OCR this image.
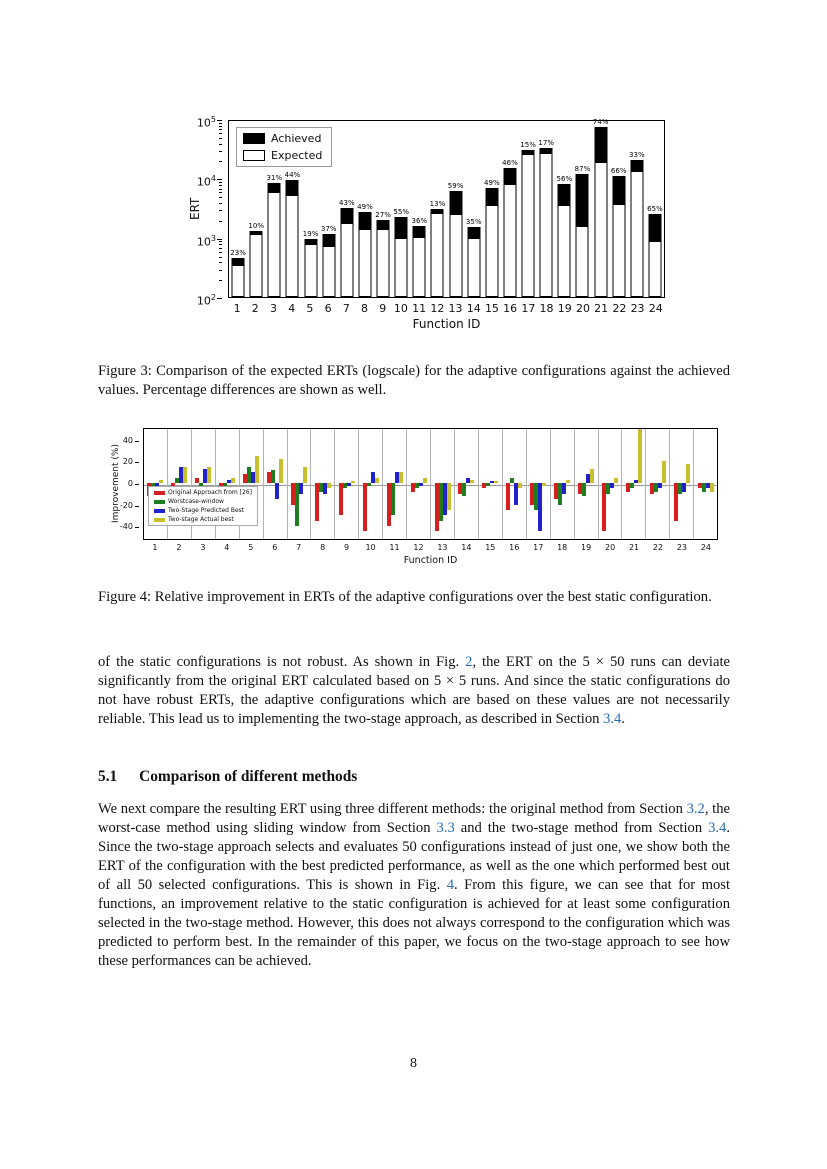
ERT
$10^2$
$10^3$
$10^4$
$10^5$
Achieved
Expected
23%
10%
31% 44%
19%
37%
43%
49%
27% 55%
36%
13%
59%
35%
49%
46%
15% 17%
56%
87%
74%
66%
33%
65%
1	2	3	4	5	6	7	8	9 10 11 12 13 14 15 16 17 18 19 20 21 22 23 24
Function ID

Figure 3: Comparison of the expected ERTs (logscale) for the adaptive configurations against the achieved values. Percentage differences are shown as well.

Improvement (%)
40
20
0
-20
-40
Original Approach from [26]
Worstcase-window
Two-Stage Predicted Best
Two-stage Actual best
1	2	3	4	5	6	7	8	9	10	11	12	13	14	15	16	17	18	19	20	21	22	23	24
Function ID

Figure 4: Relative improvement in ERTs of the adaptive configurations over the best static configuration.

of the static configurations is not robust. As shown in Fig. 2, the ERT on the 5 × 50 runs can deviate significantly from the original ERT calculated based on 5 × 5 runs. And since the static configurations do not have robust ERTs, the adaptive configurations which are based on these values are not necessarily reliable. This lead us to implementing the two-stage approach, as described in Section 3.4.

5.1 Comparison of different methods

We next compare the resulting ERT using three different methods: the original method from Section 3.2, the worst-case method using sliding window from Section 3.3 and the two-stage method from Section 3.4. Since the two-stage approach selects and evaluates 50 configurations instead of just one, we show both the ERT of the configuration with the best predicted performance, as well as the one which performed best out of all 50 selected configurations. This is shown in Fig. 4. From this figure, we can see that for most functions, an improvement relative to the static configuration is achieved for at least some configuration selected in the two-stage method. However, this does not always correspond to the configuration which was predicted to perform best. In the remainder of this paper, we focus on the two-stage approach to see how these performances can be achieved.

8
